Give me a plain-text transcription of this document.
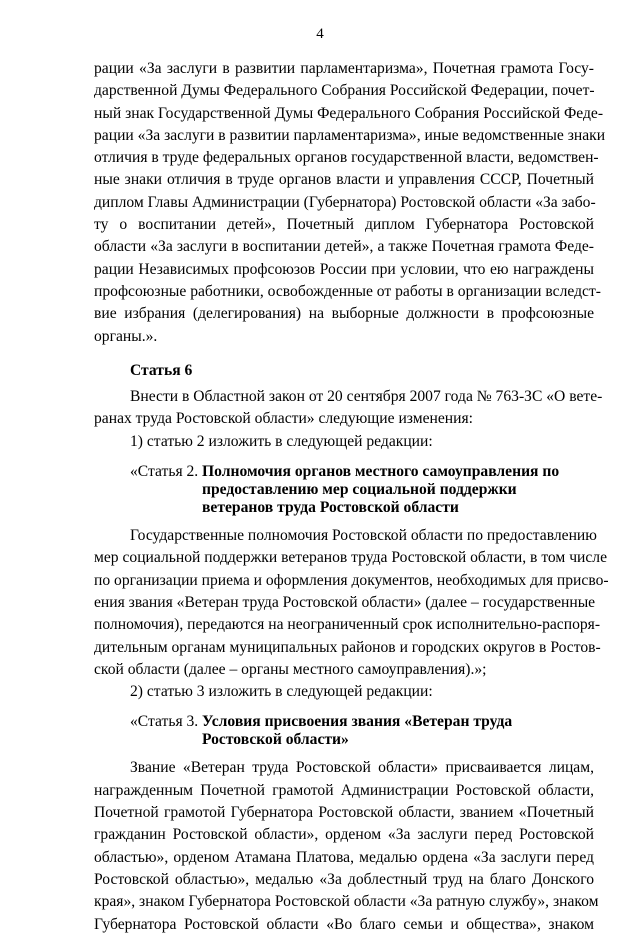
4

рации «За заслуги в развитии парламентаризма», Почетная грамота Госу-
дарственной Думы Федерального Собрания Российской Федерации, почет-
ный знак Государственной Думы Федерального Собрания Российской Феде-
рации «За заслуги в развитии парламентаризма», иные ведомственные знаки
отличия в труде федеральных органов государственной власти, ведомствен-
ные знаки отличия в труде органов власти и управления СССР, Почетный
диплом Главы Администрации (Губернатора) Ростовской области «За забо-
ту о воспитании детей», Почетный диплом Губернатора Ростовской
области «За заслуги в воспитании детей», а также Почетная грамота Феде-
рации Независимых профсоюзов России при условии, что ею награждены
профсоюзные работники, освобожденные от работы в организации вследст-
вие избрания (делегирования) на выборные должности в профсоюзные
органы.».

Статья 6

Внести в Областной закон от 20 сентября 2007 года № 763-ЗС «О вете-
ранах труда Ростовской области» следующие изменения:

1) статью 2 изложить в следующей редакции:

«Статья 2. Полномочия органов местного самоуправления по
предоставлению мер социальной поддержки
ветеранов труда Ростовской области

Государственные полномочия Ростовской области по предоставлению
мер социальной поддержки ветеранов труда Ростовской области, в том числе
по организации приема и оформления документов, необходимых для присво-
ения звания «Ветеран труда Ростовской области» (далее – государственные
полномочия), передаются на неограниченный срок исполнительно-распоря-
дительным органам муниципальных районов и городских округов в Ростов-
ской области (далее – органы местного самоуправления).»;

2) статью 3 изложить в следующей редакции:

«Статья 3. Условия присвоения звания «Ветеран труда
Ростовской области»

Звание «Ветеран труда Ростовской области» присваивается лицам,
награжденным Почетной грамотой Администрации Ростовской области,
Почетной грамотой Губернатора Ростовской области, званием «Почетный
гражданин Ростовской области», орденом «За заслуги перед Ростовской
областью», орденом Атамана Платова, медалью ордена «За заслуги перед
Ростовской областью», медалью «За доблестный труд на благо Донского
края», знаком Губернатора Ростовской области «За ратную службу», знаком
Губернатора Ростовской области «Во благо семьи и общества», знаком
